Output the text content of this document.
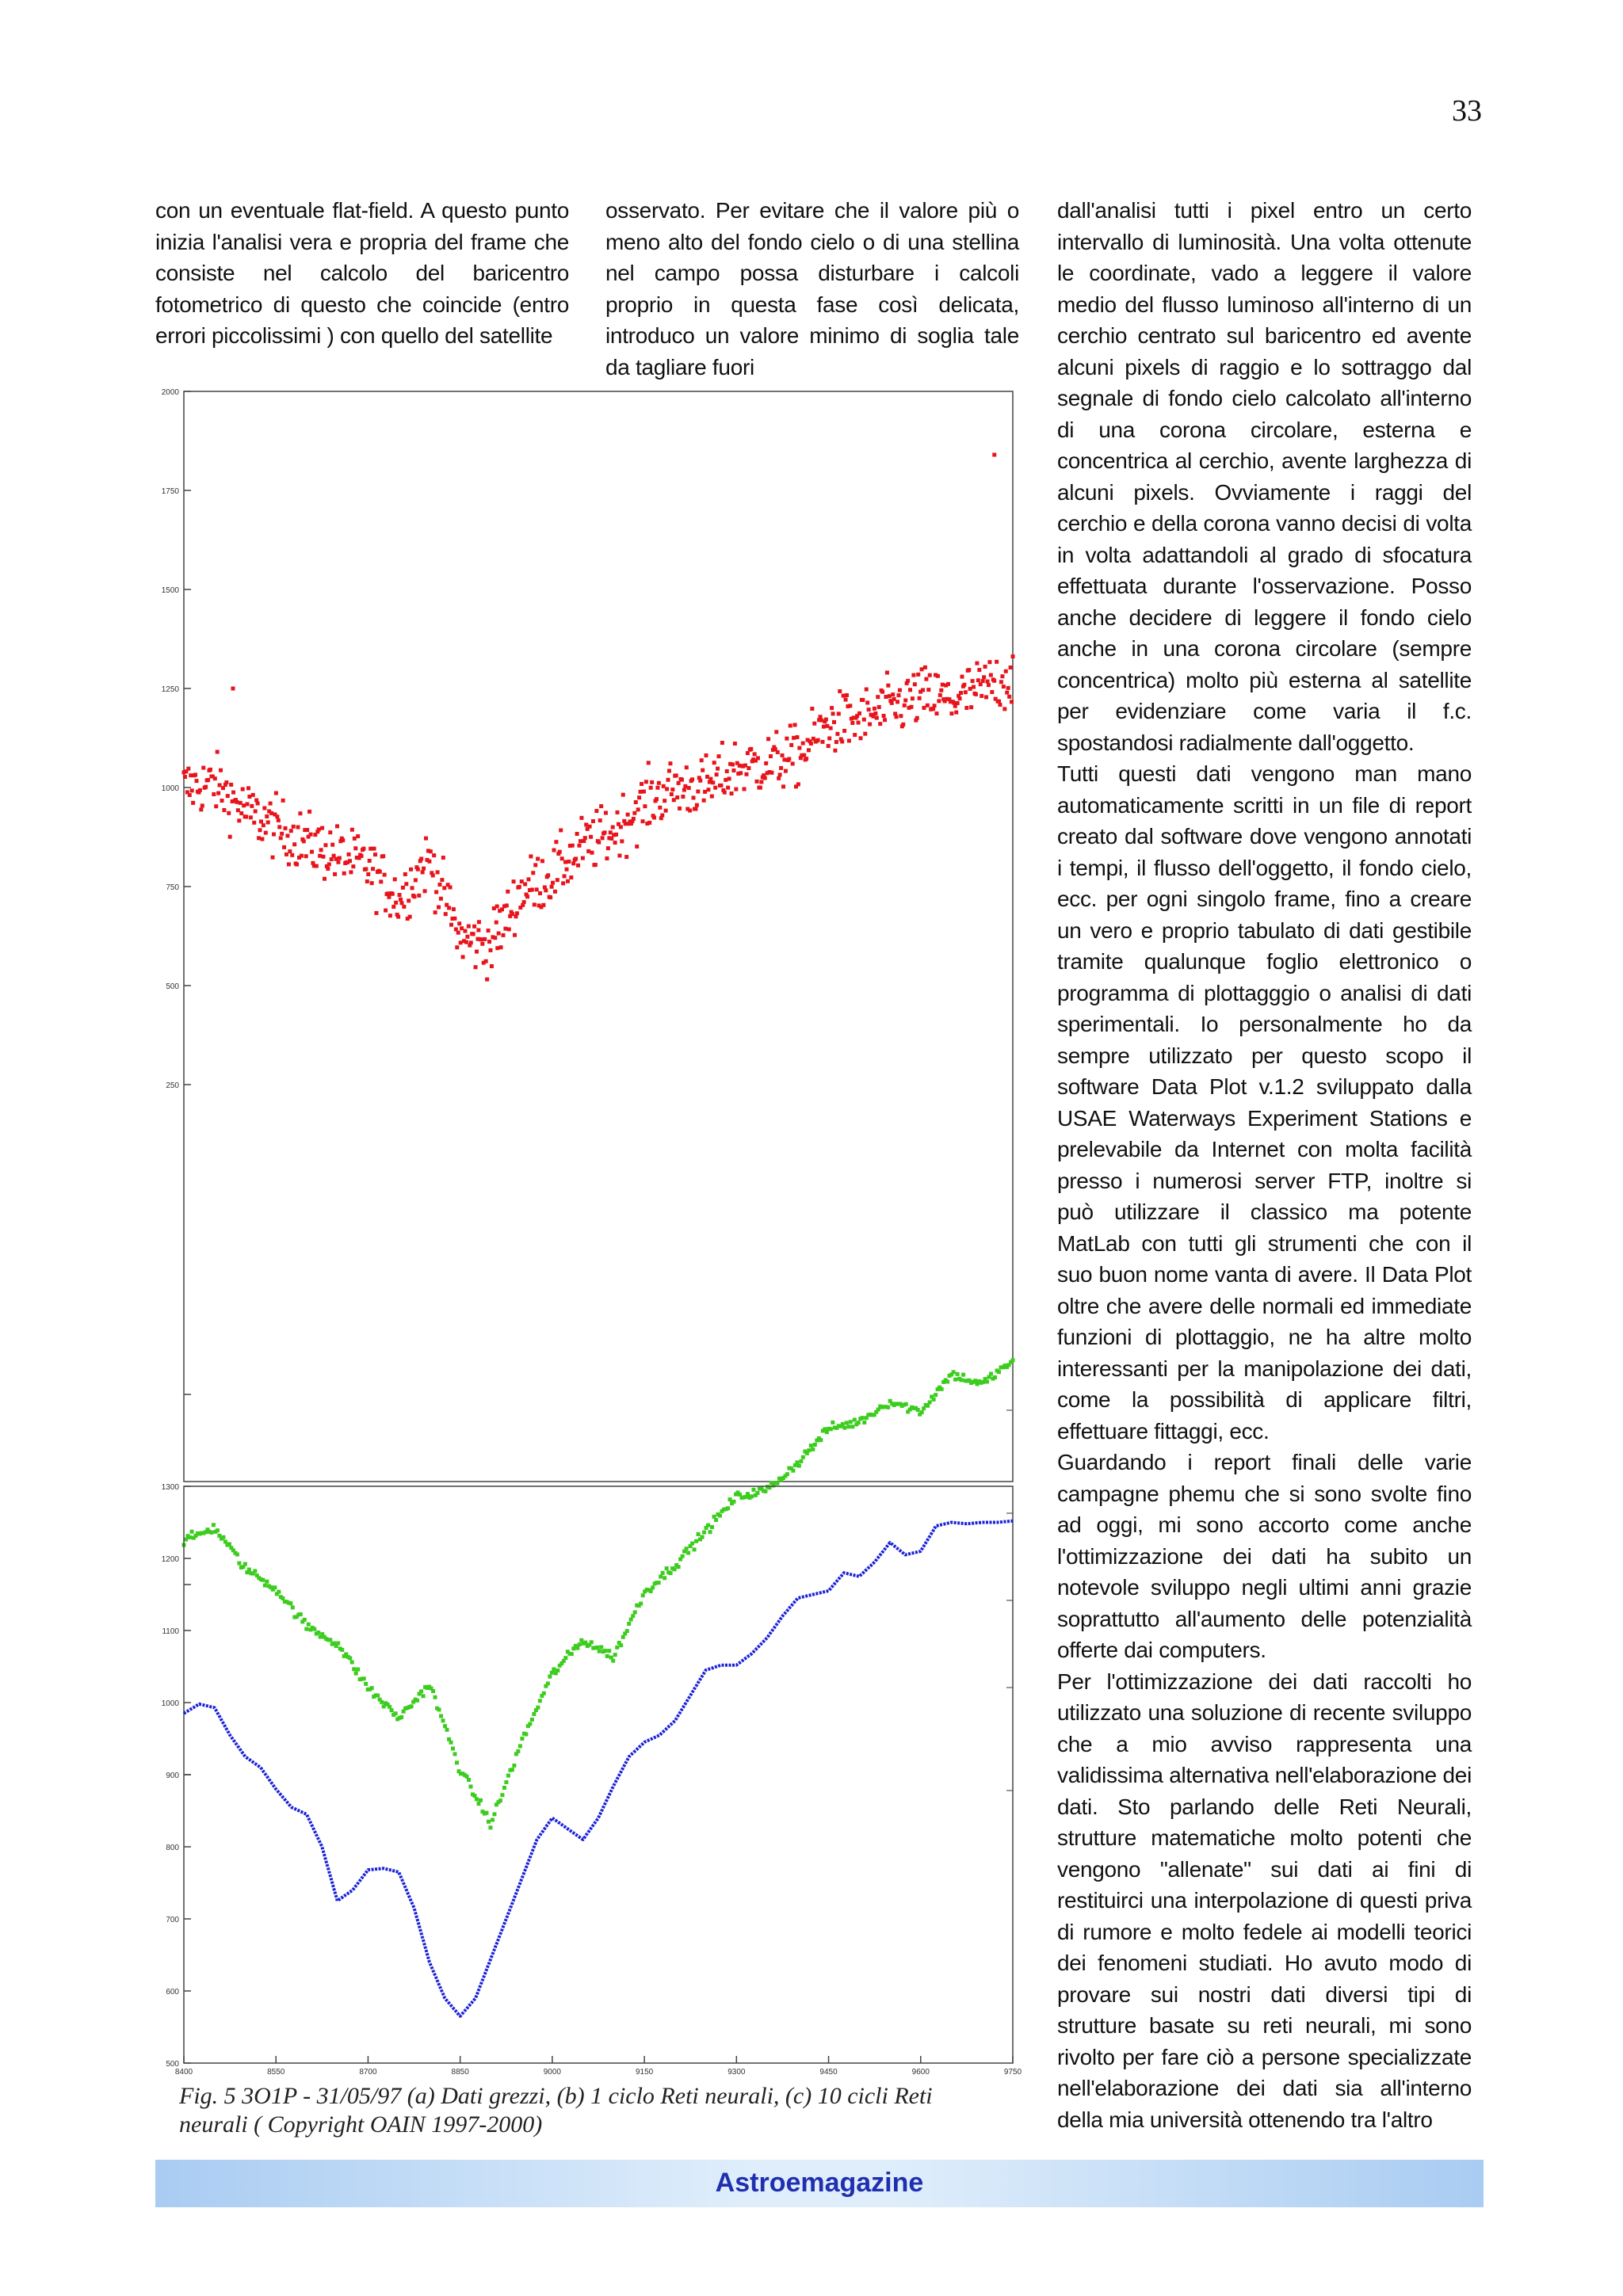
33

con un eventuale flat-field. A questo punto inizia l'analisi vera e propria del frame che consiste nel calcolo del baricentro fotometrico di questo che coincide (entro errori piccolissimi ) con quello del satellite

osservato. Per evitare che il valore più o meno alto del fondo cielo o di una stellina nel campo possa disturbare i calcoli proprio in questa fase così delicata, introduco un valore minimo di soglia tale da tagliare fuori

dall'analisi tutti i pixel entro un certo intervallo di luminosità. Una volta ottenute le coordinate, vado a leggere il valore medio del flusso luminoso all'interno di un cerchio centrato sul baricentro ed avente alcuni pixels di raggio e lo sottraggo dal segnale di fondo cielo calcolato all'interno di una corona circolare, esterna e concentrica al cerchio, avente larghezza di alcuni pixels. Ovviamente i raggi del cerchio e della corona vanno decisi di volta in volta adattandoli al grado di sfocatura effettuata durante l'osservazione. Posso anche decidere di leggere il fondo cielo anche in una corona circolare (sempre concentrica) molto più esterna al satellite per evidenziare come varia il f.c. spostandosi radialmente dall'oggetto.

Tutti questi dati vengono man mano automaticamente scritti in un file di report creato dal software dove vengono annotati i tempi, il flusso dell'oggetto, il fondo cielo, ecc. per ogni singolo frame, fino a creare un vero e proprio tabulato di dati gestibile tramite qualunque foglio elettronico o programma di plottagggio o analisi di dati sperimentali. Io personalmente ho da sempre utilizzato per questo scopo il software Data Plot v.1.2 sviluppato dalla USAE Waterways Experiment Stations e prelevabile da Internet con molta facilità presso i numerosi server FTP, inoltre si può utilizzare il classico ma potente MatLab con tutti gli strumenti che con il suo buon nome vanta di avere. Il Data Plot oltre che avere delle normali ed immediate funzioni di plottaggio, ne ha altre molto interessanti per la manipolazione dei dati, come la possibilità di applicare filtri, effettuare fittaggi, ecc.

Guardando i report finali delle varie campagne phemu che si sono svolte fino ad oggi, mi sono accorto come anche l'ottimizzazione dei dati ha subito un notevole sviluppo negli ultimi anni grazie soprattutto all'aumento delle potenzialità offerte dai computers.

Per l'ottimizzazione dei dati raccolti ho utilizzato una soluzione di recente sviluppo che a mio avviso rappresenta una validissima alternativa nell'elaborazione dei dati. Sto parlando delle Reti Neurali, strutture matematiche molto potenti che vengono "allenate" sui dati ai fini di restituirci una interpolazione di questi priva di rumore e molto fedele ai modelli teorici dei fenomeni studiati. Ho avuto modo di provare sui nostri dati diversi tipi di strutture basate su reti neurali, mi sono rivolto per fare ciò a persone specializzate nell'elaborazione dei dati sia all'interno della mia università ottenendo tra l'altro

2000
1750
1500
1250
1000
750
500
250
1300
1200
1100
1000
900
800
700
600
500
8400	8550	8700	8850	9000	9150	9300	9450	9600	9750
Fig. 5 3O1P - 31/05/97 (a) Dati grezzi, (b) 1 ciclo Reti neurali, (c) 10 cicli Reti neurali ( Copyright OAIN 1997-2000)
Astroemagazine
